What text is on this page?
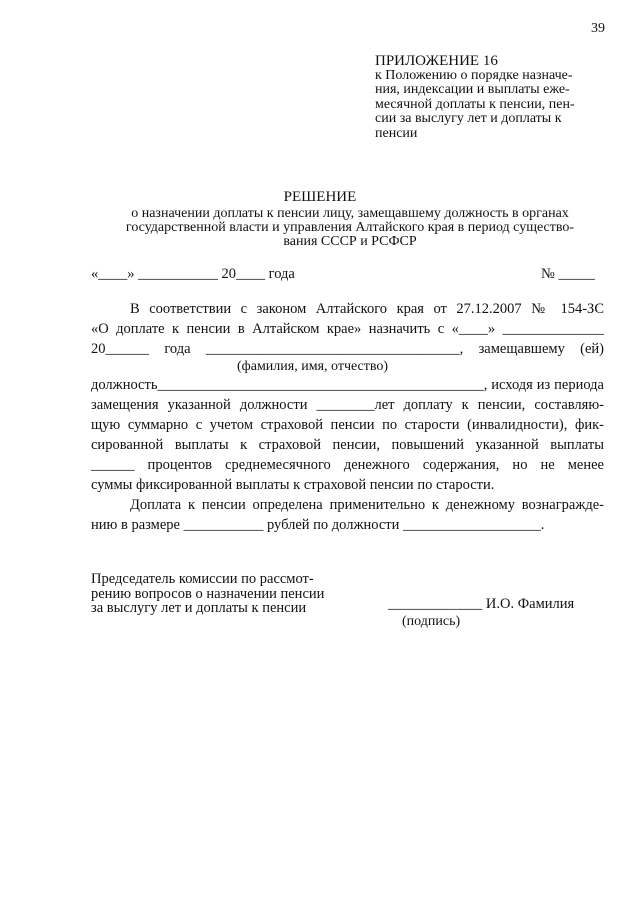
39
ПРИЛОЖЕНИЕ 16
к Положению о порядке назначе-
ния, индексации и выплаты еже-
месячной доплаты к пенсии, пен-
сии за выслугу лет и доплаты к
пенсии
РЕШЕНИЕ
о назначении доплаты к пенсии лицу, замещавшему должность в органах
государственной власти и управления Алтайского края в период существо-
вания СССР и РСФСР
«____» ___________ 20____ года	№ _____
В соответствии с законом Алтайского края от 27.12.2007 № 154-ЗС
«О доплате к пенсии в Алтайском крае» назначить с «____» ______________
20______ года ___________________________________, замещавшему (ей)
(фамилия, имя, отчество)
должность_____________________________________________, исходя из периода
замещения указанной должности ________лет доплату к пенсии, составляю-
щую суммарно с учетом страховой пенсии по старости (инвалидности), фик-
сированной выплаты к страховой пенсии, повышений указанной выплаты
______ процентов среднемесячного денежного содержания, но не менее
суммы фиксированной выплаты к страховой пенсии по старости.
Доплата к пенсии определена применительно к денежному вознагражде-
нию в размере ___________ рублей по должности ___________________.
Председатель комиссии по рассмот-
рению вопросов о назначении пенсии
за выслугу лет и доплаты к пенсии	_____________ И.О. Фамилия
(подпись)
